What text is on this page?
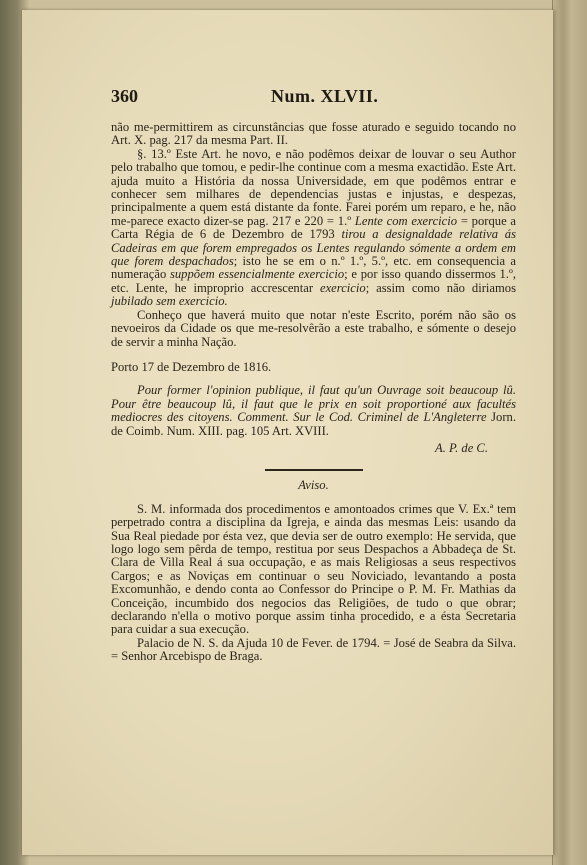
360	Num. XLVII.

não me-permittirem as circunstâncias que fosse aturado e seguido tocando no Art. X. pag. 217 da mesma Part. II.

§. 13.º Este Art. he novo, e não podêmos deixar de louvar o seu Author pelo trabalho que tomou, e pedir-lhe continue com a mesma exactidão. Este Art. ajuda muito a História da nossa Universidade, em que podêmos entrar e conhecer sem milhares de dependencias justas e injustas, e despezas, principalmente a quem está distante da fonte. Farei porém um reparo, e he, não me-parece exacto dizer-se pag. 217 e 220 = 1.º Lente com exercicio = porque a Carta Régia de 6 de Dezembro de 1793 tirou a designaldade relativa ás Cadeiras em que forem empregados os Lentes regulando sómente a ordem em que forem despachados; isto he se em o n.º 1.º, 5.º, etc. em consequencia a numeração suppõem essencialmente exercicio; e por isso quando dissermos 1.º, etc. Lente, he improprio accrescentar exercicio; assim como não diriamos jubilado sem exercicio.

Conheço que haverá muito que notar n'este Escrito, porém não são os nevoeiros da Cidade os que me-resolvêrão a este trabalho, e sómente o desejo de servir a minha Nação.

Porto 17 de Dezembro de 1816.

Pour former l'opinion publique, il faut qu'un Ouvrage soit beaucoup lû. Pour être beaucoup lû, il faut que le prix en soit proportioné aux facultés mediocres des citoyens. Comment. Sur le Cod. Criminel de L'Angleterre Jorn. de Coimb. Num. XIII. pag. 105 Art. XVIII.

A. P. de C.

Aviso.

S. M. informada dos procedimentos e amontoados crimes que V. Ex.ª tem perpetrado contra a disciplina da Igreja, e ainda das mesmas Leis: usando da Sua Real piedade por ésta vez, que devia ser de outro exemplo: He servida, que logo logo sem pêrda de tempo, restitua por seus Despachos a Abbadeça de St. Clara de Villa Real á sua occupação, e as mais Religiosas a seus respectivos Cargos; e as Noviças em continuar o seu Noviciado, levantando a posta Excomunhão, e dendo conta ao Confessor do Principe o P. M. Fr. Mathias da Conceição, incumbido dos negocios das Religiões, de tudo o que obrar; declarando n'ella o motivo porque assim tinha procedido, e a ésta Secretaria para cuidar a sua execução.

Palacio de N. S. da Ajuda 10 de Fever. de 1794. = José de Seabra da Silva. = Senhor Arcebispo de Braga.
